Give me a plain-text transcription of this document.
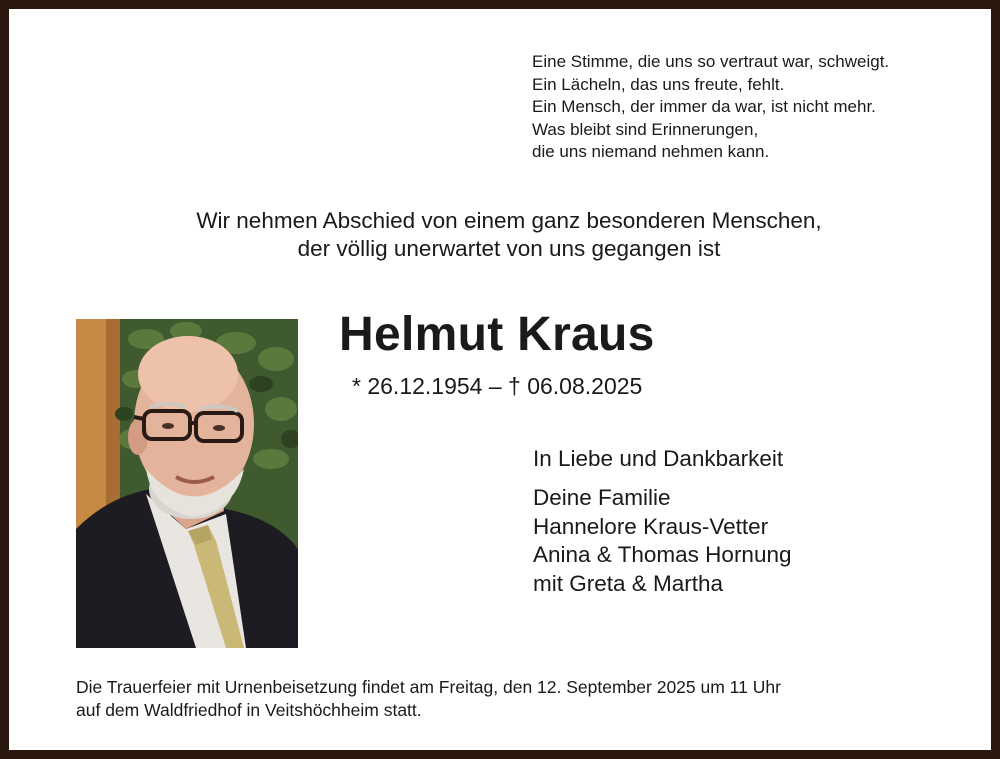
Eine Stimme, die uns so vertraut war, schweigt.
Ein Lächeln, das uns freute, fehlt.
Ein Mensch, der immer da war, ist nicht mehr.
Was bleibt sind Erinnerungen,
die uns niemand nehmen kann.
Wir nehmen Abschied von einem ganz besonderen Menschen,
der völlig unerwartet von uns gegangen ist
Helmut Kraus
* 26.12.1954 – † 06.08.2025
In Liebe und Dankbarkeit
Deine Familie
Hannelore Kraus-Vetter
Anina & Thomas Hornung
mit Greta & Martha
Die Trauerfeier mit Urnenbeisetzung findet am Freitag, den 12. September 2025 um 11 Uhr
auf dem Waldfriedhof in Veitshöchheim statt.
